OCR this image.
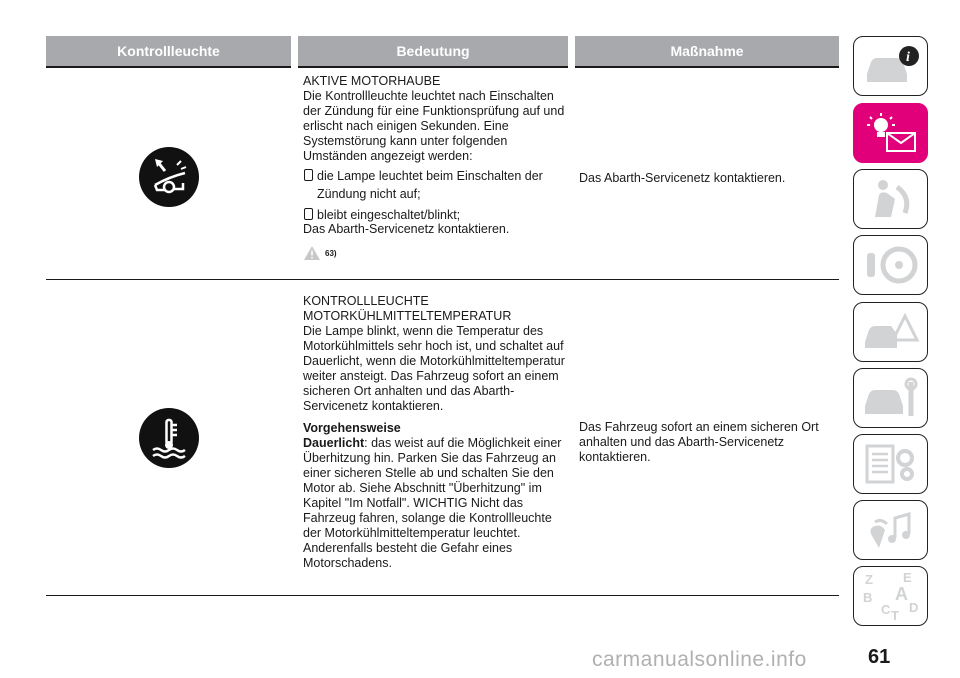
Kontrollleuchte	Bedeutung	Maßnahme

AKTIVE MOTORHAUBE

Die Kontrollleuchte leuchtet nach Einschalten der Zündung für eine Funktionsprüfung auf und erlischt nach einigen Sekunden. Eine Systemstörung kann unter folgenden Umständen angezeigt werden:

die Lampe leuchtet beim Einschalten der Zündung nicht auf;
bleibt eingeschaltet/blinkt;

Das Abarth-Servicenetz kontaktieren.

63)
Das Abarth-Servicenetz kontaktieren.

KONTROLLLEUCHTE

MOTORKÜHLMITTELTEMPERATUR

Die Lampe blinkt, wenn die Temperatur des Motorkühlmittels sehr hoch ist, und schaltet auf Dauerlicht, wenn die Motorkühlmitteltemperatur weiter ansteigt. Das Fahrzeug sofort an einem sicheren Ort anhalten und das Abarth-Servicenetz kontaktieren.

Vorgehensweise

Dauerlicht: das weist auf die Möglichkeit einer Überhitzung hin. Parken Sie das Fahrzeug an einer sicheren Stelle ab und schalten Sie den Motor ab. Siehe Abschnitt "Überhitzung" im Kapitel "Im Notfall". WICHTIG Nicht das Fahrzeug fahren, solange die Kontrollleuchte der Motorkühlmitteltemperatur leuchtet. Anderenfalls besteht die Gefahr eines Motorschadens.

Das Fahrzeug sofort an einem sicheren Ort anhalten und das Abarth-Servicenetz kontaktieren.
i
Z E
B A
C D
T
61
carmanualsonline.info
